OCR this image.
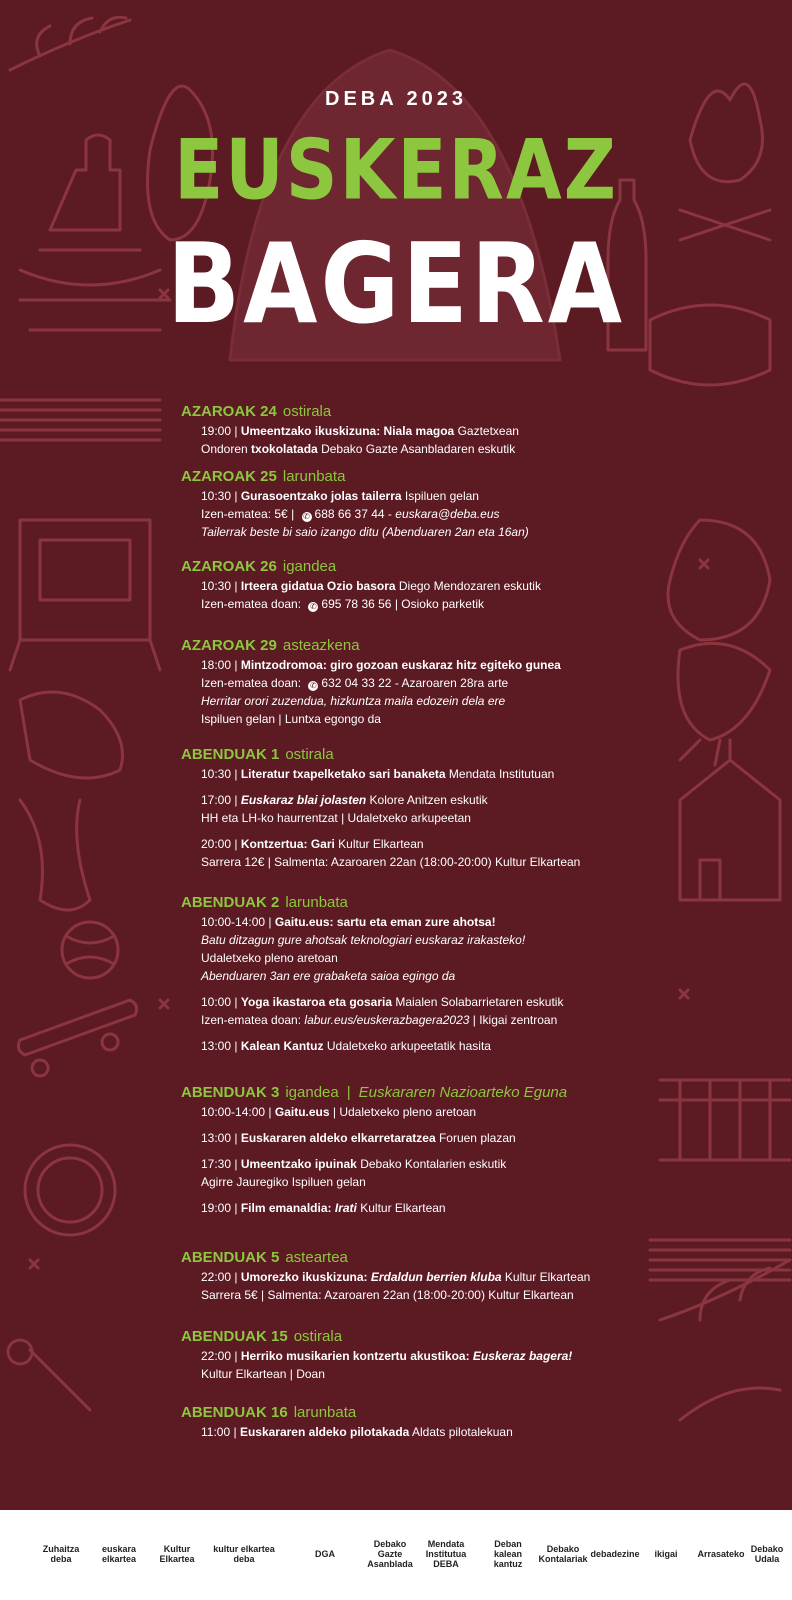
DEBA 2023
EUSKERAZ
BAGERA
AZAROAK 24 ostirala
19:00 | Umeentzako ikuskizuna: Niala magoa Gaztetxean
Ondoren txokolatada Debako Gazte Asanbladaren eskutik
AZAROAK 25 larunbata
10:30 | Gurasoentzako jolas tailerra Ispiluen gelan
Izen-ematea: 5€ | ✆ 688 66 37 44 - euskara@deba.eus
Tailerrak beste bi saio izango ditu (Abenduaren 2an eta 16an)
AZAROAK 26 igandea
10:30 | Irteera gidatua Ozio basora Diego Mendozaren eskutik
Izen-ematea doan: ✆ 695 78 36 56 | Osioko parketik
AZAROAK 29 asteazkena
18:00 | Mintzodromoa: giro gozoan euskaraz hitz egiteko gunea
Izen-ematea doan: ✆ 632 04 33 22 - Azaroaren 28ra arte
Herritar orori zuzendua, hizkuntza maila edozein dela ere
Ispiluen gelan | Luntxa egongo da
ABENDUAK 1 ostirala
10:30 | Literatur txapelketako sari banaketa Mendata Institutuan
17:00 | Euskaraz blai jolasten Kolore Anitzen eskutik
HH eta LH-ko haurrentzat | Udaletxeko arkupeetan
20:00 | Kontzertua: Gari Kultur Elkartean
Sarrera 12€ | Salmenta: Azaroaren 22an (18:00-20:00) Kultur Elkartean
ABENDUAK 2 larunbata
10:00-14:00 | Gaitu.eus: sartu eta eman zure ahotsa!
Batu ditzagun gure ahotsak teknologiari euskaraz irakasteko!
Udaletxeko pleno aretoan
Abenduaren 3an ere grabaketa saioa egingo da
10:00 | Yoga ikastaroa eta gosaria Maialen Solabarrietaren eskutik
Izen-ematea doan: labur.eus/euskerazbagera2023 | Ikigai zentroan
13:00 | Kalean Kantuz Udaletxeko arkupeetatik hasita
ABENDUAK 3 igandea | Euskararen Nazioarteko Eguna
10:00-14:00 | Gaitu.eus | Udaletxeko pleno aretoan
13:00 | Euskararen aldeko elkarretaratzea Foruen plazan
17:30 | Umeentzako ipuinak Debako Kontalarien eskutik
Agirre Jauregiko Ispiluen gelan
19:00 | Film emanaldia: Irati Kultur Elkartean
ABENDUAK 5 asteartea
22:00 | Umorezko ikuskizuna: Erdaldun berrien kluba Kultur Elkartean
Sarrera 5€ | Salmenta: Azaroaren 22an (18:00-20:00) Kultur Elkartean
ABENDUAK 15 ostirala
22:00 | Herriko musikarien kontzertu akustikoa: Euskeraz bagera!
Kultur Elkartean | Doan
ABENDUAK 16 larunbata
11:00 | Euskararen aldeko pilotakada Aldats pilotalekuan
Zuhaitza deba
euskara elkartea
Kultur Elkartea
kultur elkartea deba	DGA
Debako Gazte Asanblada
Mendata Institutua DEBA
Deban kalean kantuz
Debako Kontalariak debadezine	ikigai	Arrasateko Debako Udala
